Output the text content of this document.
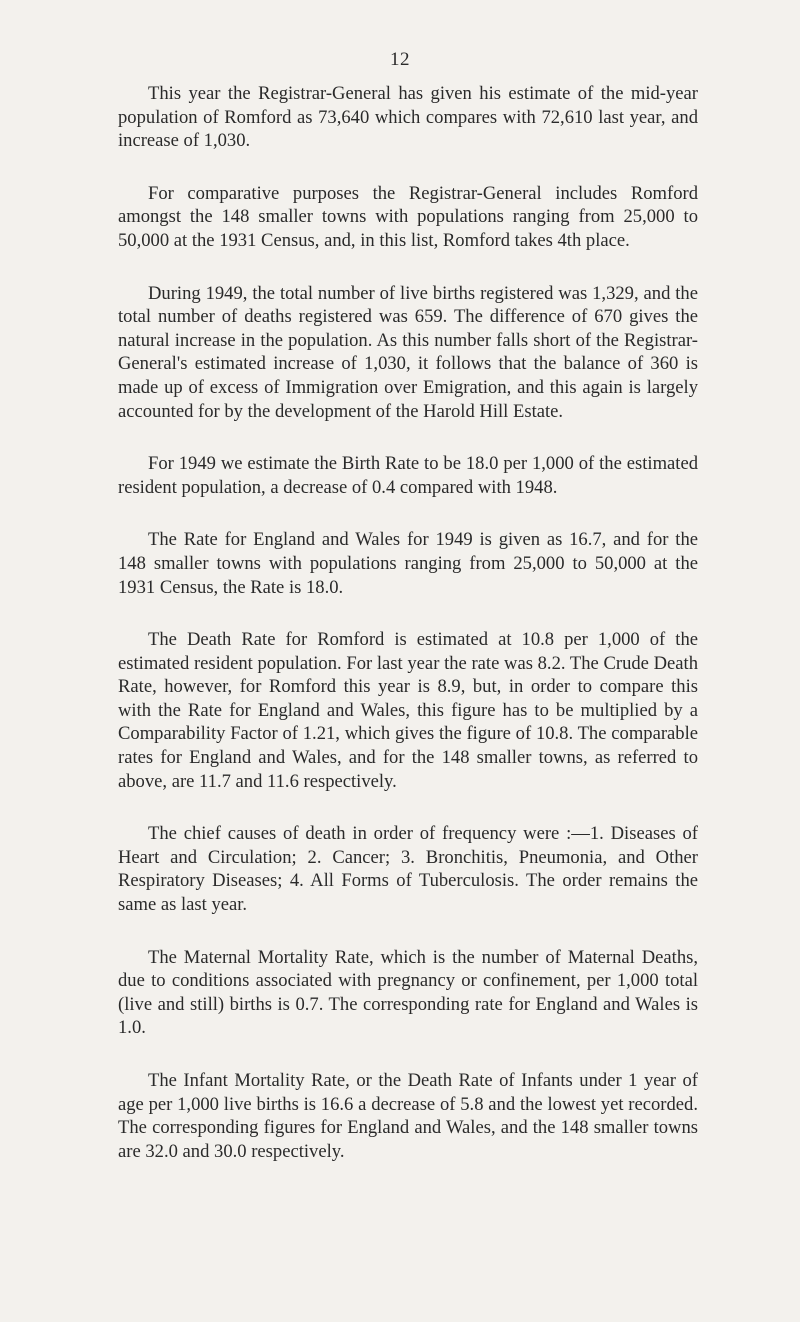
12

This year the Registrar-General has given his estimate of the mid-year population of Romford as 73,640 which compares with 72,610 last year, and increase of 1,030.

For comparative purposes the Registrar-General includes Romford amongst the 148 smaller towns with populations ranging from 25,000 to 50,000 at the 1931 Census, and, in this list, Romford takes 4th place.

During 1949, the total number of live births registered was 1,329, and the total number of deaths registered was 659. The difference of 670 gives the natural increase in the population. As this number falls short of the Registrar-General's estimated increase of 1,030, it follows that the balance of 360 is made up of excess of Immigration over Emigration, and this again is largely accounted for by the development of the Harold Hill Estate.

For 1949 we estimate the Birth Rate to be 18.0 per 1,000 of the estimated resident population, a decrease of 0.4 compared with 1948.

The Rate for England and Wales for 1949 is given as 16.7, and for the 148 smaller towns with populations ranging from 25,000 to 50,000 at the 1931 Census, the Rate is 18.0.

The Death Rate for Romford is estimated at 10.8 per 1,000 of the estimated resident population. For last year the rate was 8.2. The Crude Death Rate, however, for Romford this year is 8.9, but, in order to compare this with the Rate for England and Wales, this figure has to be multiplied by a Comparability Factor of 1.21, which gives the figure of 10.8. The comparable rates for England and Wales, and for the 148 smaller towns, as referred to above, are 11.7 and 11.6 respectively.

The chief causes of death in order of frequency were :—1. Diseases of Heart and Circulation; 2. Cancer; 3. Bronchitis, Pneumonia, and Other Respiratory Diseases; 4. All Forms of Tuberculosis. The order remains the same as last year.

The Maternal Mortality Rate, which is the number of Maternal Deaths, due to conditions associated with pregnancy or confinement, per 1,000 total (live and still) births is 0.7. The corresponding rate for England and Wales is 1.0.

The Infant Mortality Rate, or the Death Rate of Infants under 1 year of age per 1,000 live births is 16.6 a decrease of 5.8 and the lowest yet recorded. The corresponding figures for England and Wales, and the 148 smaller towns are 32.0 and 30.0 respectively.
